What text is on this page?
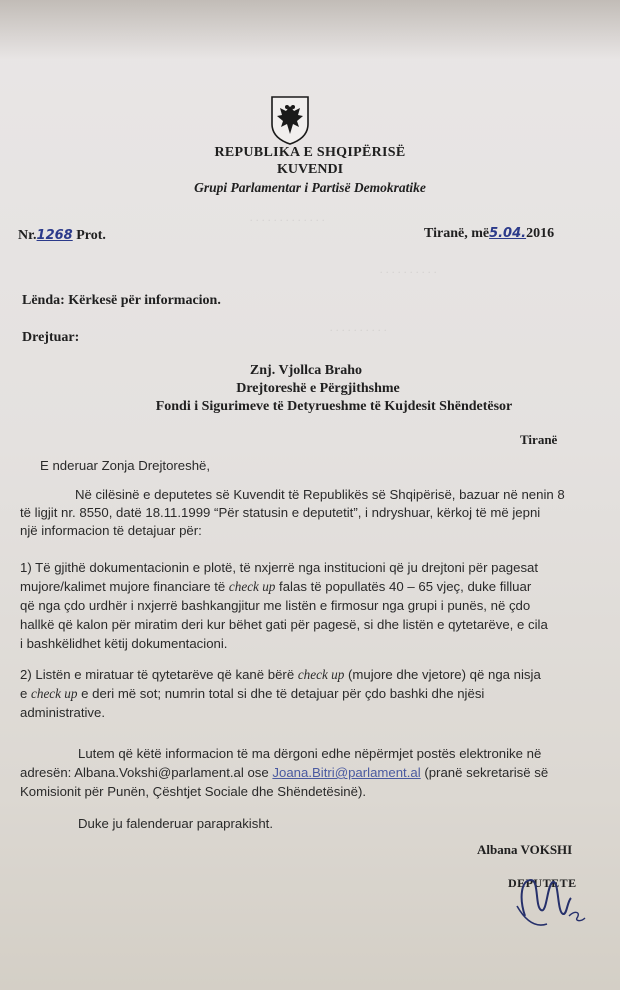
. . . . . . . . . . . . .
. . . . . . . . . .
. . . . . . . . . .
REPUBLIKA E SHQIPËRISË
KUVENDI
Grupi Parlamentar i Partisë Demokratike
Nr.1268 Prot.	Tiranë, më5.04.2016
Lënda: Kërkesë për informacion.
Drejtuar:
Znj. Vjollca Braho
Drejtoreshë e Përgjithshme
Fondi i Sigurimeve të Detyrueshme të Kujdesit Shëndetësor
Tiranë
E nderuar Zonja Drejtoreshë,
Në cilësinë e deputetes së Kuvendit të Republikës së Shqipërisë, bazuar në nenin 8
të ligjit nr. 8550, datë 18.11.1999 “Për statusin e deputetit”, i ndryshuar, kërkoj të më jepni
një informacion të detajuar për:
1) Të gjithë dokumentacionin e plotë, të nxjerrë nga institucioni që ju drejtoni për pagesat
mujore/kalimet mujore financiare të check up falas të popullatës 40 – 65 vjeç, duke filluar
që nga çdo urdhër i nxjerrë bashkangjitur me listën e firmosur nga grupi i punës, në çdo
hallkë që kalon për miratim deri kur bëhet gati për pagesë, si dhe listën e qytetarëve, e cila
i bashkëlidhet këtij dokumentacioni.
2) Listën e miratuar të qytetarëve që kanë bërë check up (mujore dhe vjetore) që nga nisja
e check up e deri më sot; numrin total si dhe të detajuar për çdo bashki dhe njësi
administrative.
Lutem që këtë informacion të ma dërgoni edhe nëpërmjet postës elektronike në
adresën: Albana.Vokshi@parlament.al ose Joana.Bitri@parlament.al (pranë sekretarisë së
Komisionit për Punën, Çështjet Sociale dhe Shëndetësinë).
Duke ju falenderuar paraprakisht.
Albana VOKSHI
DEPUTETE
